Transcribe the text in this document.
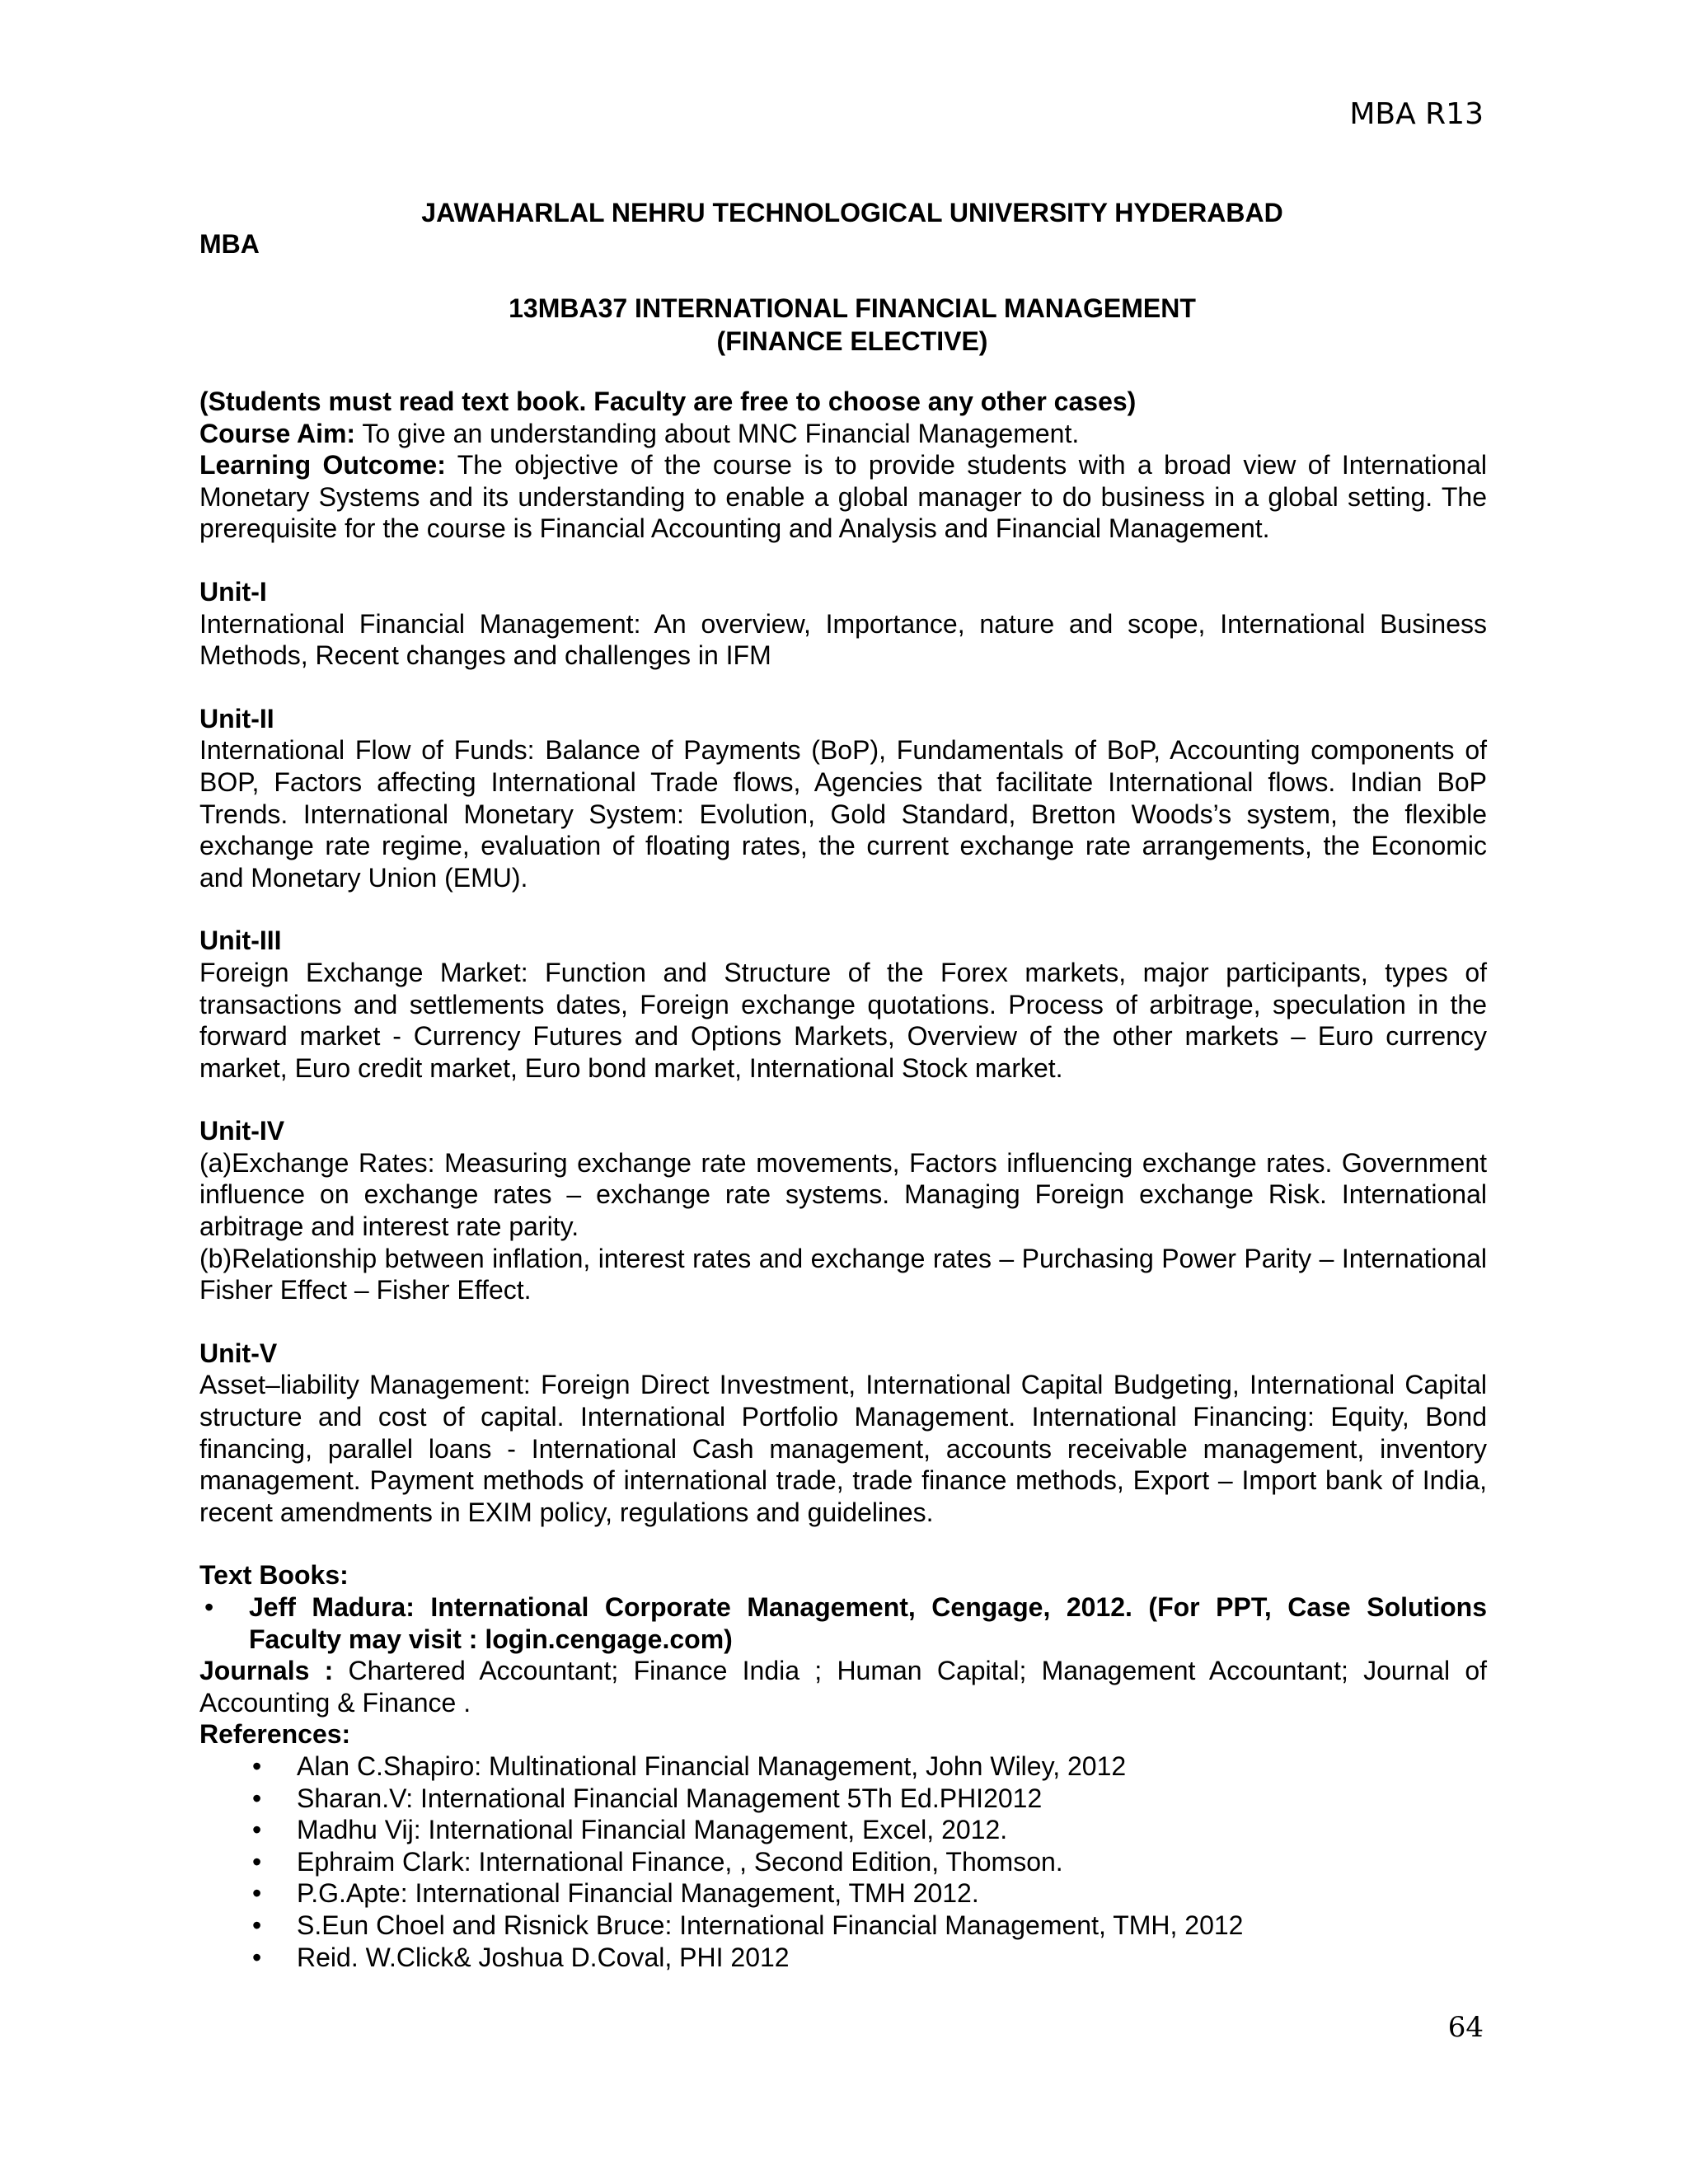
MBA R13
JAWAHARLAL NEHRU TECHNOLOGICAL UNIVERSITY HYDERABAD
MBA
13MBA37 INTERNATIONAL FINANCIAL MANAGEMENT
(FINANCE ELECTIVE)

(Students must read text book. Faculty are free to choose any other cases)

Course Aim: To give an understanding about MNC Financial Management.

Learning Outcome: The objective of the course is to provide students with a broad view of International Monetary Systems and its understanding to enable a global manager to do business in a global setting. The prerequisite for the course is Financial Accounting and Analysis and Financial Management.

Unit-I

International Financial Management: An overview, Importance, nature and scope, International Business Methods, Recent changes and challenges in IFM

Unit-II

International Flow of Funds: Balance of Payments (BoP), Fundamentals of BoP, Accounting components of BOP, Factors affecting International Trade flows, Agencies that facilitate International flows. Indian BoP Trends. International Monetary System: Evolution, Gold Standard, Bretton Woods’s system, the flexible exchange rate regime, evaluation of floating rates, the current exchange rate arrangements, the Economic and Monetary Union (EMU).

Unit-III

Foreign Exchange Market: Function and Structure of the Forex markets, major participants, types of transactions and settlements dates, Foreign exchange quotations. Process of arbitrage, speculation in the forward market - Currency Futures and Options Markets, Overview of the other markets – Euro currency market, Euro credit market, Euro bond market, International Stock market.

Unit-IV

(a)Exchange Rates: Measuring exchange rate movements, Factors influencing exchange rates. Government influence on exchange rates – exchange rate systems. Managing Foreign exchange Risk. International arbitrage and interest rate parity.

(b)Relationship between inflation, interest rates and exchange rates – Purchasing Power Parity – International Fisher Effect – Fisher Effect.

Unit-V

Asset–liability Management: Foreign Direct Investment, International Capital Budgeting, International Capital structure and cost of capital. International Portfolio Management. International Financing: Equity, Bond financing, parallel loans - International Cash management, accounts receivable management, inventory management. Payment methods of international trade, trade finance methods, Export – Import bank of India, recent amendments in EXIM policy, regulations and guidelines.

Text Books:

• Jeff Madura: International Corporate Management, Cengage, 2012. (For PPT, Case Solutions Faculty may visit : login.cengage.com)

Journals : Chartered Accountant; Finance India ; Human Capital; Management Accountant; Journal of Accounting & Finance .

References:

• Alan C.Shapiro: Multinational Financial Management, John Wiley, 2012
• Sharan.V: International Financial Management 5Th Ed.PHI2012
• Madhu Vij: International Financial Management, Excel, 2012.
• Ephraim Clark: International Finance, , Second Edition, Thomson.
• P.G.Apte: International Financial Management, TMH 2012.
• S.Eun Choel and Risnick Bruce: International Financial Management, TMH, 2012
• Reid. W.Click& Joshua D.Coval, PHI 2012
64
